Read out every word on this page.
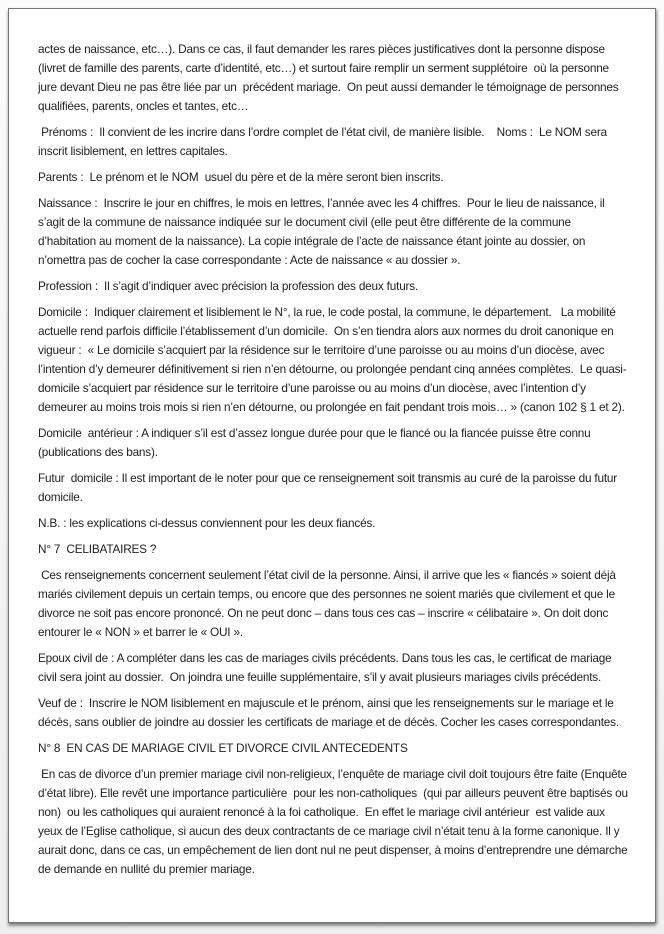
actes de naissance, etc…). Dans ce cas, il faut demander les rares pièces justificatives dont la personne dispose (livret de famille des parents, carte d’identité, etc…) et surtout faire remplir un serment supplétoire  où la personne jure devant Dieu ne pas être liée par un  précédent mariage.  On peut aussi demander le témoignage de personnes qualifiées, parents, oncles et tantes, etc…

Prénoms :  Il convient de les incrire dans l’ordre complet de l’état civil, de manière lisible.    Noms :  Le NOM sera inscrit lisiblement, en lettres capitales.

Parents :  Le prénom et le NOM  usuel du père et de la mère seront bien inscrits.

Naissance :  Inscrire le jour en chiffres, le mois en lettres, l’année avec les 4 chiffres.  Pour le lieu de naissance, il s’agit de la commune de naissance indiquée sur le document civil (elle peut être différente de la commune d’habitation au moment de la naissance). La copie intégrale de l’acte de naissance étant jointe au dossier, on n’omettra pas de cocher la case correspondante : Acte de naissance « au dossier ».

Profession :  Il s’agit d’indiquer avec précision la profession des deux futurs.

Domicile :  Indiquer clairement et lisiblement le N°, la rue, le code postal, la commune, le département.   La mobilité actuelle rend parfois difficile l’établissement d’un domicile.  On s’en tiendra alors aux normes du droit canonique en vigueur :  « Le domicile s’acquiert par la résidence sur le territoire d’une paroisse ou au moins d’un diocèse, avec l’intention d’y demeurer définitivement si rien n’en détourne, ou prolongée pendant cinq années complètes.  Le quasi-domicile s’acquiert par résidence sur le territoire d’une paroisse ou au moins d’un diocèse, avec l’intention d’y demeurer au moins trois mois si rien n’en détourne, ou prolongée en fait pendant trois mois… » (canon 102 § 1 et 2).

Domicile  antérieur : A indiquer s’il est d’assez longue durée pour que le fiancé ou la fiancée puisse être connu (publications des bans).

Futur  domicile : Il est important de le noter pour que ce renseignement soit transmis au curé de la paroisse du futur domicile.

N.B. : les explications ci-dessus conviennent pour les deux fiancés.

N° 7  CELIBATAIRES ?

Ces renseignements concernent seulement l’état civil de la personne. Ainsi, il arrive que les « fiancés » soient déjà mariés civilement depuis un certain temps, ou encore que des personnes ne soient mariés que civilement et que le divorce ne soit pas encore prononcé. On ne peut donc – dans tous ces cas – inscrire « célibataire ». On doit donc entourer le « NON » et barrer le « OUI ».

Epoux civil de : A compléter dans les cas de mariages civils précédents. Dans tous les cas, le certificat de mariage civil sera joint au dossier.  On joindra une feuille supplémentaire, s’il y avait plusieurs mariages civils précédents.

Veuf de :  Inscrire le NOM lisiblement en majuscule et le prénom, ainsi que les renseignements sur le mariage et le décès, sans oublier de joindre au dossier les certificats de mariage et de décès. Cocher les cases correspondantes.

N° 8  EN CAS DE MARIAGE CIVIL ET DIVORCE CIVIL ANTECEDENTS

En cas de divorce d’un premier mariage civil non-religieux, l’enquête de mariage civil doit toujours être faite (Enquête d’état libre). Elle revêt une importance particulière  pour les non-catholiques  (qui par ailleurs peuvent être baptisés ou non)  ou les catholiques qui auraient renoncé à la foi catholique.  En effet le mariage civil antérieur  est valide aux yeux de l’Eglise catholique, si aucun des deux contractants de ce mariage civil n’était tenu à la forme canonique. Il y aurait donc, dans ce cas, un empêchement de lien dont nul ne peut dispenser, à moins d’entreprendre une démarche de demande en nullité du premier mariage.
